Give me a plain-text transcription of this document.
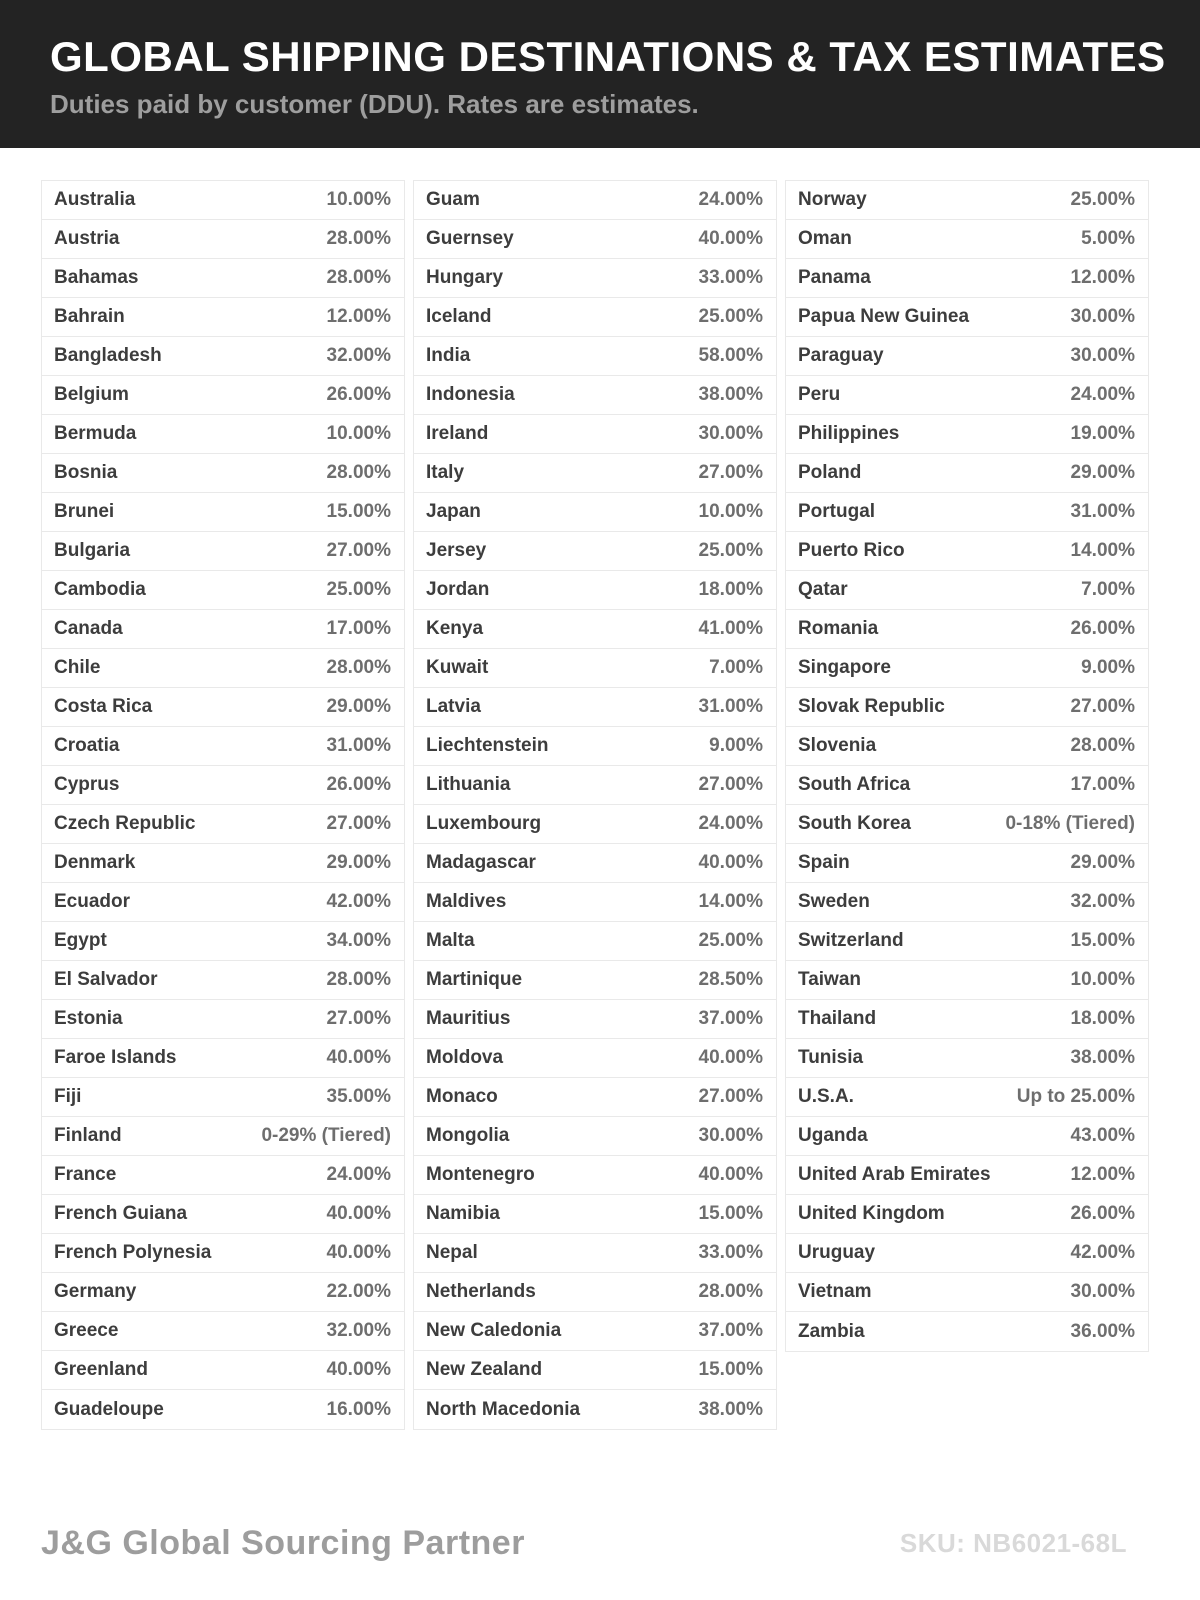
GLOBAL SHIPPING DESTINATIONS & TAX ESTIMATES
Duties paid by customer (DDU). Rates are estimates.
Australia	10.00%
Austria	28.00%
Bahamas	28.00%
Bahrain	12.00%
Bangladesh	32.00%
Belgium	26.00%
Bermuda	10.00%
Bosnia	28.00%
Brunei	15.00%
Bulgaria	27.00%
Cambodia	25.00%
Canada	17.00%
Chile	28.00%
Costa Rica	29.00%
Croatia	31.00%
Cyprus	26.00%
Czech Republic	27.00%
Denmark	29.00%
Ecuador	42.00%
Egypt	34.00%
El Salvador	28.00%
Estonia	27.00%
Faroe Islands	40.00%
Fiji	35.00%
Finland	0-29% (Tiered)
France	24.00%
French Guiana	40.00%
French Polynesia	40.00%
Germany	22.00%
Greece	32.00%
Greenland	40.00%
Guadeloupe	16.00%
Guam	24.00%
Guernsey	40.00%
Hungary	33.00%
Iceland	25.00%
India	58.00%
Indonesia	38.00%
Ireland	30.00%
Italy	27.00%
Japan	10.00%
Jersey	25.00%
Jordan	18.00%
Kenya	41.00%
Kuwait	7.00%
Latvia	31.00%
Liechtenstein	9.00%
Lithuania	27.00%
Luxembourg	24.00%
Madagascar	40.00%
Maldives	14.00%
Malta	25.00%
Martinique	28.50%
Mauritius	37.00%
Moldova	40.00%
Monaco	27.00%
Mongolia	30.00%
Montenegro	40.00%
Namibia	15.00%
Nepal	33.00%
Netherlands	28.00%
New Caledonia	37.00%
New Zealand	15.00%
North Macedonia	38.00%
Norway	25.00%
Oman	5.00%
Panama	12.00%
Papua New Guinea	30.00%
Paraguay	30.00%
Peru	24.00%
Philippines	19.00%
Poland	29.00%
Portugal	31.00%
Puerto Rico	14.00%
Qatar	7.00%
Romania	26.00%
Singapore	9.00%
Slovak Republic	27.00%
Slovenia	28.00%
South Africa	17.00%
South Korea	0-18% (Tiered)
Spain	29.00%
Sweden	32.00%
Switzerland	15.00%
Taiwan	10.00%
Thailand	18.00%
Tunisia	38.00%
U.S.A.	Up to 25.00%
Uganda	43.00%
United Arab Emirates	12.00%
United Kingdom	26.00%
Uruguay	42.00%
Vietnam	30.00%
Zambia	36.00%
J&G Global Sourcing Partner	SKU: NB6021-68L
